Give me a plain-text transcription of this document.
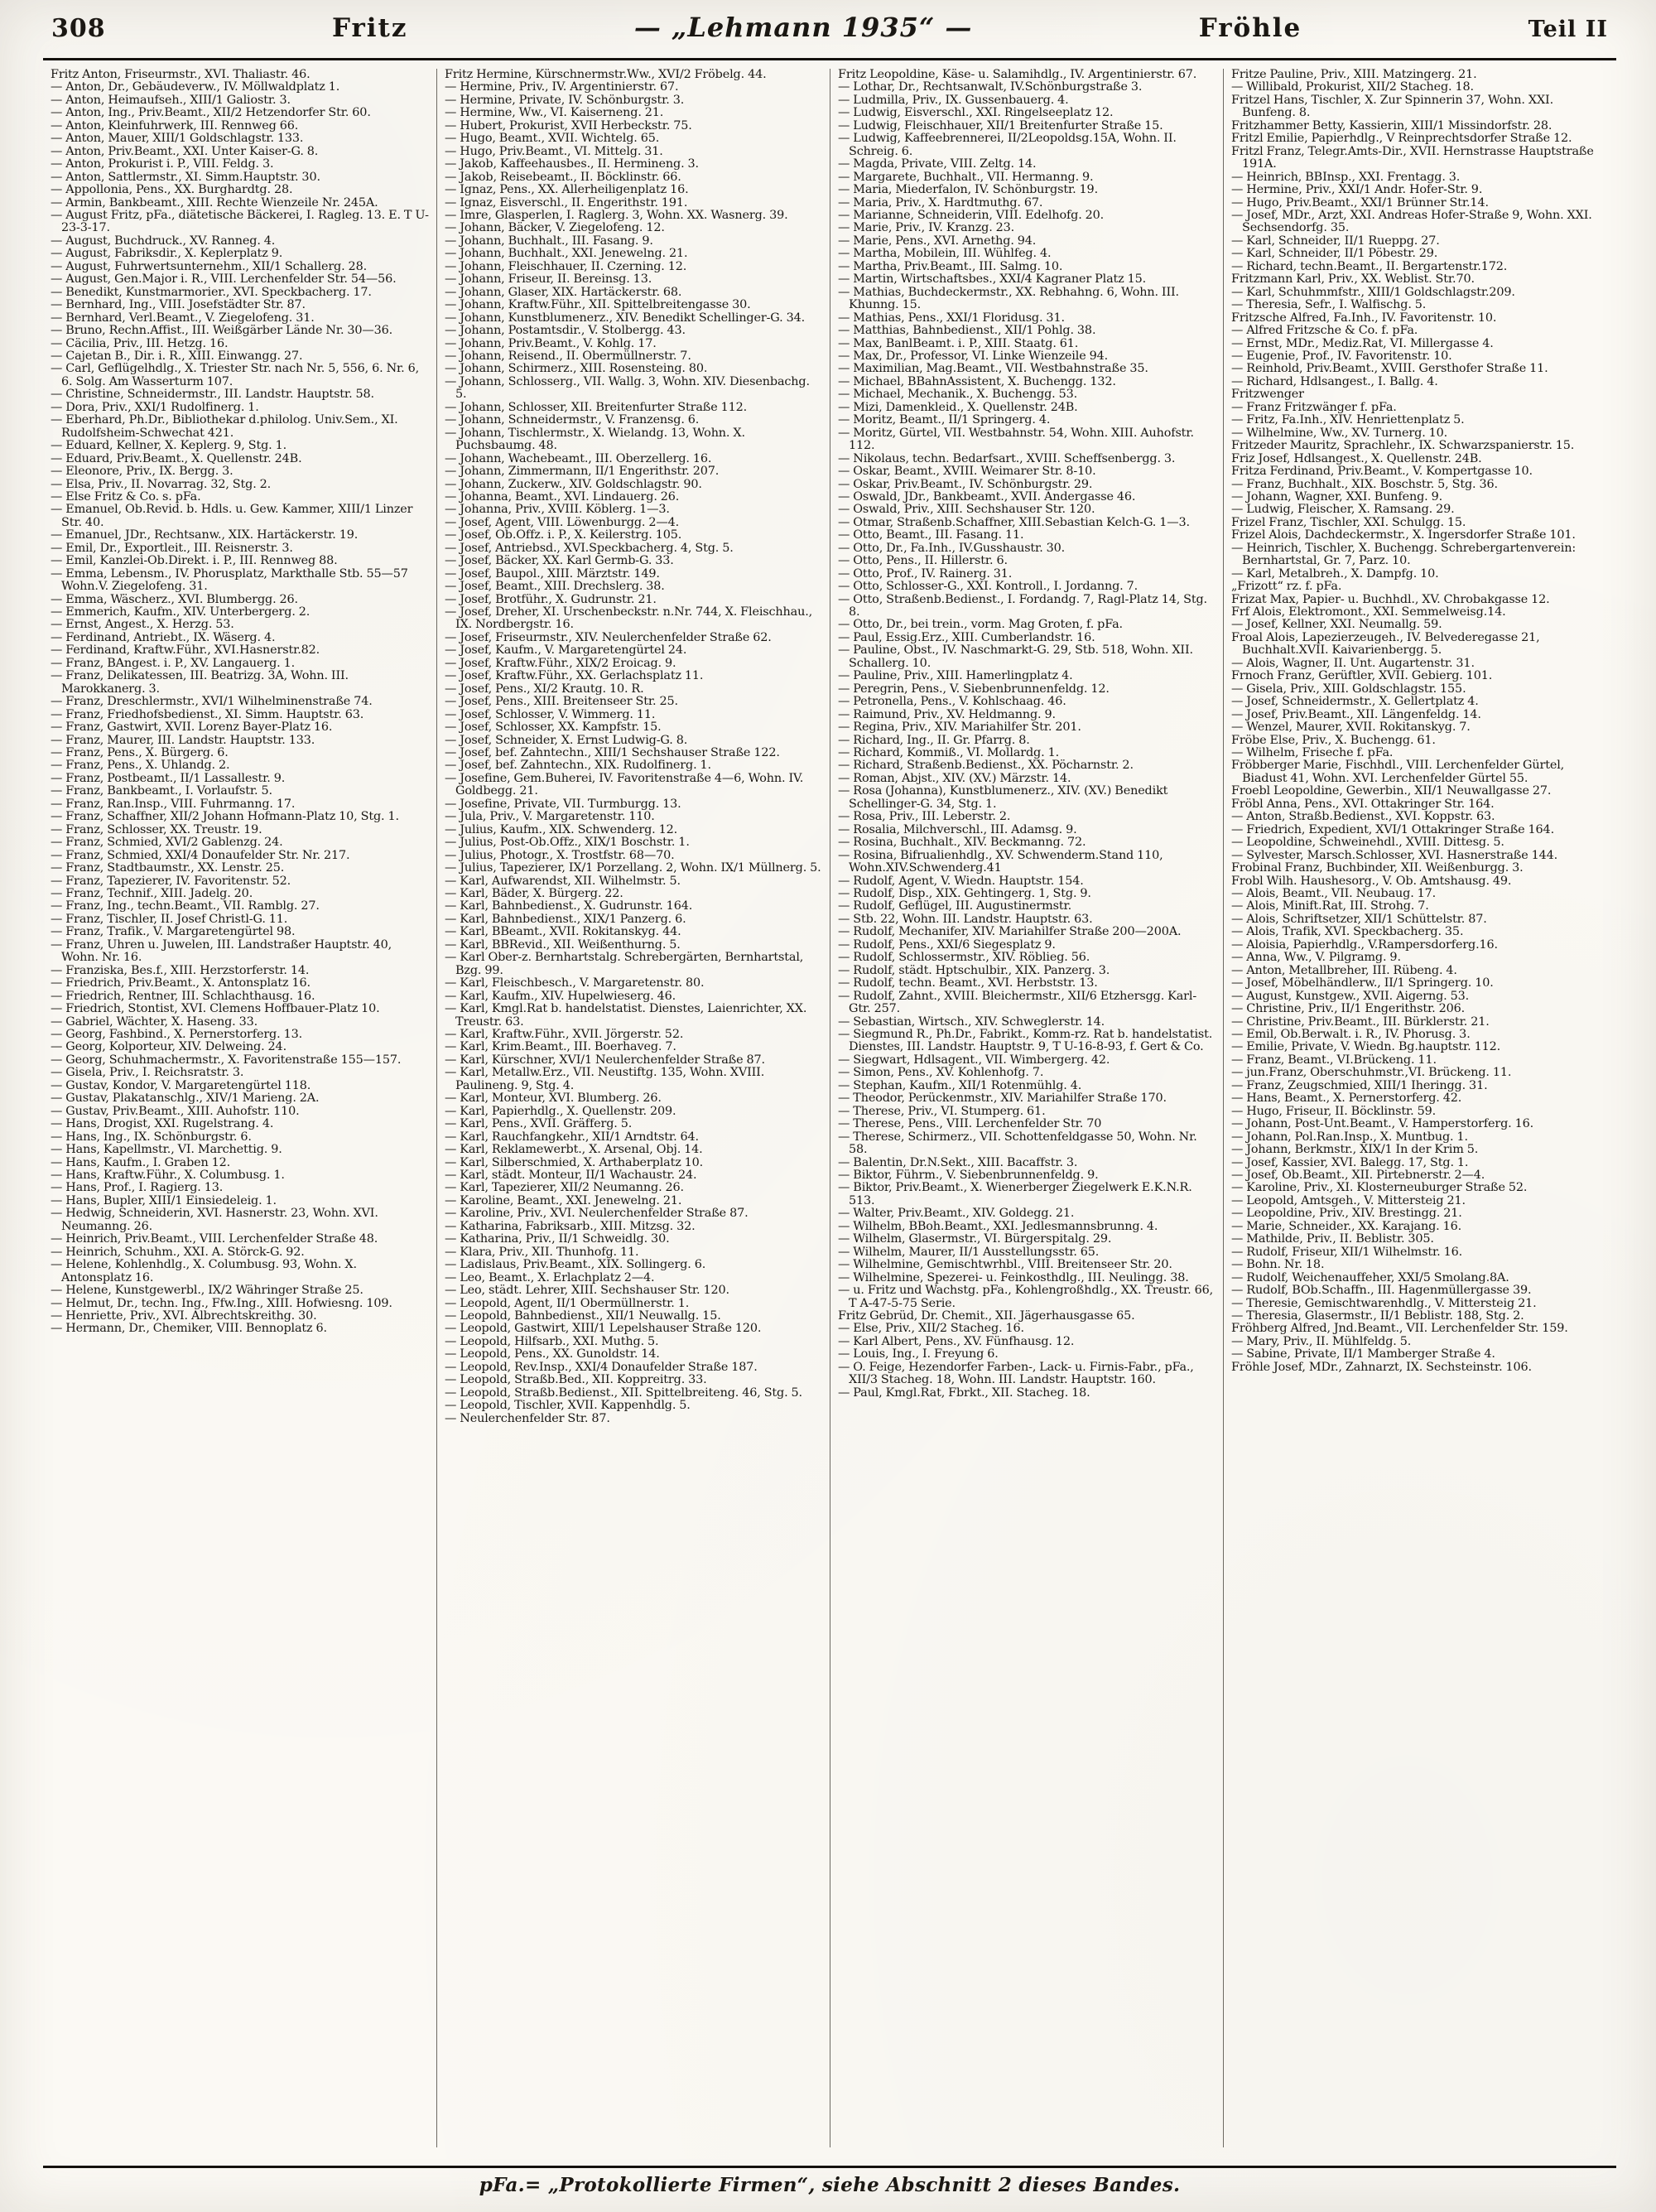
308	Fritz	— „Lehmann 1935“ —	Fröhle	Teil II

Fritz Anton, Friseurmstr., XVI. Thaliastr. 46.

— Anton, Dr., Gebäudeverw., IV. Möllwaldplatz 1.

— Anton, Heimaufseh., XIII/1 Galiostr. 3.

— Anton, Ing., Priv.Beamt., XII/2 Hetzendorfer Str. 60.

— Anton, Kleinfuhrwerk, III. Rennweg 66.

— Anton, Mauer, XIII/1 Goldschlagstr. 133.

— Anton, Priv.Beamt., XXI. Unter Kaiser-G. 8.

— Anton, Prokurist i. P., VIII. Feldg. 3.

— Anton, Sattlermstr., XI. Simm.Hauptstr. 30.

— Appollonia, Pens., XX. Burghardtg. 28.

— Armin, Bankbeamt., XIII. Rechte Wienzeile Nr. 245A.

— August Fritz, pFa., diätetische Bäckerei, I. Ragleg. 13. E. T U-23-3-17.

— August, Buchdruck., XV. Ranneg. 4.

— August, Fabriksdir., X. Keplerplatz 9.

— August, Fuhrwertsunternehm., XII/1 Schallerg. 28.

— August, Gen.Major i. R., VIII. Lerchenfelder Str. 54—56.

— Benedikt, Kunstmarmorier., XVI. Speckbacherg. 17.

— Bernhard, Ing., VIII. Josefstädter Str. 87.

— Bernhard, Verl.Beamt., V. Ziegelofeng. 31.

— Bruno, Rechn.Affist., III. Weißgärber Lände Nr. 30—36.

— Cäcilia, Priv., III. Hetzg. 16.

— Cajetan B., Dir. i. R., XIII. Einwangg. 27.

— Carl, Geflügelhdlg., X. Triester Str. nach Nr. 5, 556, 6. Nr. 6, 6. Solg. Am Wasserturm 107.

— Christine, Schneidermstr., III. Landstr. Hauptstr. 58.

— Dora, Priv., XXI/1 Rudolfinerg. 1.

— Eberhard, Ph.Dr., Bibliothekar d.philolog. Univ.Sem., XI. Rudolfsheim-Schwechat 421.

— Eduard, Kellner, X. Keplerg. 9, Stg. 1.

— Eduard, Priv.Beamt., X. Quellenstr. 24B.

— Eleonore, Priv., IX. Bergg. 3.

— Elsa, Priv., II. Novarrag. 32, Stg. 2.

— Else Fritz & Co. s. pFa.

— Emanuel, Ob.Revid. b. Hdls. u. Gew. Kammer, XIII/1 Linzer Str. 40.

— Emanuel, JDr., Rechtsanw., XIX. Hartäckerstr. 19.

— Emil, Dr., Exportleit., III. Reisnerstr. 3.

— Emil, Kanzlei-Ob.Direkt. i. P., III. Rennweg 88.

— Emma, Lebensm., IV. Phorusplatz, Markthalle Stb. 55—57 Wohn.V. Ziegelofeng. 31.

— Emma, Wäscherz., XVI. Blumbergg. 26.

— Emmerich, Kaufm., XIV. Unterbergerg. 2.

— Ernst, Angest., X. Herzg. 53.

— Ferdinand, Antriebt., IX. Wäserg. 4.

— Ferdinand, Kraftw.Führ., XVI.Hasnerstr.82.

— Franz, BAngest. i. P., XV. Langauerg. 1.

— Franz, Delikatessen, III. Beatrizg. 3A, Wohn. III. Marokkanerg. 3.

— Franz, Dreschlermstr., XVI/1 Wilhelminenstraße 74.

— Franz, Friedhofsbedienst., XI. Simm. Hauptstr. 63.

— Franz, Gastwirt, XVII. Lorenz Bayer-Platz 16.

— Franz, Maurer, III. Landstr. Hauptstr. 133.

— Franz, Pens., X. Bürgerg. 6.

— Franz, Pens., X. Uhlandg. 2.

— Franz, Postbeamt., II/1 Lassallestr. 9.

— Franz, Bankbeamt., I. Vorlaufstr. 5.

— Franz, Ran.Insp., VIII. Fuhrmanng. 17.

— Franz, Schaffner, XII/2 Johann Hofmann-Platz 10, Stg. 1.

— Franz, Schlosser, XX. Treustr. 19.

— Franz, Schmied, XVI/2 Gablenzg. 24.

— Franz, Schmied, XXI/4 Donaufelder Str. Nr. 217.

— Franz, Stadtbaumstr., XX. Lenstr. 25.

— Franz, Tapezierer, IV. Favoritenstr. 52.

— Franz, Technif., XIII. Jadelg. 20.

— Franz, Ing., techn.Beamt., VII. Ramblg. 27.

— Franz, Tischler, II. Josef Christl-G. 11.

— Franz, Trafik., V. Margaretengürtel 98.

— Franz, Uhren u. Juwelen, III. Landstraßer Hauptstr. 40, Wohn. Nr. 16.

— Franziska, Bes.f., XIII. Herzstorferstr. 14.

— Friedrich, Priv.Beamt., X. Antonsplatz 16.

— Friedrich, Rentner, III. Schlachthausg. 16.

— Friedrich, Stontist, XVI. Clemens Hoffbauer-Platz 10.

— Gabriel, Wächter, X. Haseng. 33.

— Georg, Fashbind., X. Pernerstorferg. 13.

— Georg, Kolporteur, XIV. Delweing. 24.

— Georg, Schuhmachermstr., X. Favoritenstraße 155—157.

— Gisela, Priv., I. Reichsratstr. 3.

— Gustav, Kondor, V. Margaretengürtel 118.

— Gustav, Plakatanschlg., XIV/1 Marieng. 2A.

— Gustav, Priv.Beamt., XIII. Auhofstr. 110.

— Hans, Drogist, XXI. Rugelstrang. 4.

— Hans, Ing., IX. Schönburgstr. 6.

— Hans, Kapellmstr., VI. Marchettig. 9.

— Hans, Kaufm., I. Graben 12.

— Hans, Kraftw.Führ., X. Columbusg. 1.

— Hans, Prof., I. Ragierg. 13.

— Hans, Bupler, XIII/1 Einsiedeleig. 1.

— Hedwig, Schneiderin, XVI. Hasnerstr. 23, Wohn. XVI. Neumanng. 26.

— Heinrich, Priv.Beamt., VIII. Lerchenfelder Straße 48.

— Heinrich, Schuhm., XXI. A. Störck-G. 92.

— Helene, Kohlenhdlg., X. Columbusg. 93, Wohn. X. Antonsplatz 16.

— Helene, Kunstgewerbl., IX/2 Währinger Straße 25.

— Helmut, Dr., techn. Ing., Ffw.Ing., XIII. Hofwiesng. 109.

— Henriette, Priv., XVI. Albrechtskreithg. 30.

— Hermann, Dr., Chemiker, VIII. Bennoplatz 6.

Fritz Hermine, Kürschnermstr.Ww., XVI/2 Fröbelg. 44.

— Hermine, Priv., IV. Argentinierstr. 67.

— Hermine, Private, IV. Schönburgstr. 3.

— Hermine, Ww., VI. Kaiserneng. 21.

— Hubert, Prokurist, XVII Herbeckstr. 75.

— Hugo, Beamt., XVII. Wichtelg. 65.

— Hugo, Priv.Beamt., VI. Mittelg. 31.

— Jakob, Kaffeehausbes., II. Hermineng. 3.

— Jakob, Reisebeamt., II. Böcklinstr. 66.

— Ignaz, Pens., XX. Allerheiligenplatz 16.

— Ignaz, Eisverschl., II. Engerithstr. 191.

— Imre, Glasperlen, I. Raglerg. 3, Wohn. XX. Wasnerg. 39.

— Johann, Bäcker, V. Ziegelofeng. 12.

— Johann, Buchhalt., III. Fasang. 9.

— Johann, Buchhalt., XXI. Jenewelng. 21.

— Johann, Fleischhauer, II. Czerning. 12.

— Johann, Friseur, II. Bereinsg. 13.

— Johann, Glaser, XIX. Hartäckerstr. 68.

— Johann, Kraftw.Führ., XII. Spittelbreitengasse 30.

— Johann, Kunstblumenerz., XIV. Benedikt Schellinger-G. 34.

— Johann, Postamtsdir., V. Stolbergg. 43.

— Johann, Priv.Beamt., V. Kohlg. 17.

— Johann, Reisend., II. Obermüllnerstr. 7.

— Johann, Schirmerz., XIII. Rosensteing. 80.

— Johann, Schlosserg., VII. Wallg. 3, Wohn. XIV. Diesenbachg. 5.

— Johann, Schlosser, XII. Breitenfurter Straße 112.

— Johann, Schneidermstr., V. Franzensg. 6.

— Johann, Tischlermstr., X. Wielandg. 13, Wohn. X. Puchsbaumg. 48.

— Johann, Wachebeamt., III. Oberzellerg. 16.

— Johann, Zimmermann, II/1 Engerithstr. 207.

— Johann, Zuckerw., XIV. Goldschlagstr. 90.

— Johanna, Beamt., XVI. Lindauerg. 26.

— Johanna, Priv., XVIII. Köblerg. 1—3.

— Josef, Agent, VIII. Löwenburgg. 2—4.

— Josef, Ob.Offz. i. P., X. Keilerstrg. 105.

— Josef, Antriebsd., XVI.Speckbacherg. 4, Stg. 5.

— Josef, Bäcker, XX. Karl Germb-G. 33.

— Josef, Baupol., XIII. Märztstr. 149.

— Josef, Beamt., XIII. Drechslerg. 38.

— Josef, Brotführ., X. Gudrunstr. 21.

— Josef, Dreher, XI. Urschenbeckstr. n.Nr. 744, X. Fleischhau., IX. Nordbergstr. 16.

— Josef, Friseurmstr., XIV. Neulerchenfelder Straße 62.

— Josef, Kaufm., V. Margaretengürtel 24.

— Josef, Kraftw.Führ., XIX/2 Eroicag. 9.

— Josef, Kraftw.Führ., XX. Gerlachsplatz 11.

— Josef, Pens., XI/2 Krautg. 10. R.

— Josef, Pens., XIII. Breitenseer Str. 25.

— Josef, Schlosser, V. Wimmerg. 11.

— Josef, Schlosser, XX. Kampfstr. 15.

— Josef, Schneider, X. Ernst Ludwig-G. 8.

— Josef, bef. Zahntechn., XIII/1 Sechshauser Straße 122.

— Josef, bef. Zahntechn., XIX. Rudolfinerg. 1.

— Josefine, Gem.Buherei, IV. Favoritenstraße 4—6, Wohn. IV. Goldbegg. 21.

— Josefine, Private, VII. Turmburgg. 13.

— Jula, Priv., V. Margaretenstr. 110.

— Julius, Kaufm., XIX. Schwenderg. 12.

— Julius, Post-Ob.Offz., XIX/1 Boschstr. 1.

— Julius, Photogr., X. Trostfstr. 68—70.

— Julius, Tapezierer, IX/1 Porzellang. 2, Wohn. IX/1 Müllnerg. 5.

— Karl, Aufwarendst, XII. Wilhelmstr. 5.

— Karl, Bäder, X. Bürgerg. 22.

— Karl, Bahnbedienst., X. Gudrunstr. 164.

— Karl, Bahnbedienst., XIX/1 Panzerg. 6.

— Karl, BBeamt., XVII. Rokitanskyg. 44.

— Karl, BBRevid., XII. Weißenthurng. 5.

— Karl Ober-z. Bernhartstalg. Schrebergärten, Bernhartstal, Bzg. 99.

— Karl, Fleischbesch., V. Margaretenstr. 80.

— Karl, Kaufm., XIV. Hupelwieserg. 46.

— Karl, Kmgl.Rat b. handelstatist. Dienstes, Laienrichter, XX. Treustr. 63.

— Karl, Kraftw.Führ., XVII. Jörgerstr. 52.

— Karl, Krim.Beamt., III. Boerhaveg. 7.

— Karl, Kürschner, XVI/1 Neulerchenfelder Straße 87.

— Karl, Metallw.Erz., VII. Neustiftg. 135, Wohn. XVIII. Paulineng. 9, Stg. 4.

— Karl, Monteur, XVI. Blumberg. 26.

— Karl, Papierhdlg., X. Quellenstr. 209.

— Karl, Pens., XVII. Gräfferg. 5.

— Karl, Rauchfangkehr., XII/1 Arndtstr. 64.

— Karl, Reklamewerbt., X. Arsenal, Obj. 14.

— Karl, Silberschmied, X. Arthaberplatz 10.

— Karl, städt. Monteur, II/1 Wachaustr. 24.

— Karl, Tapezierer, XII/2 Neumanng. 26.

— Karoline, Beamt., XXI. Jenewelng. 21.

— Karoline, Priv., XVI. Neulerchenfelder Straße 87.

— Katharina, Fabriksarb., XIII. Mitzsg. 32.

— Katharina, Priv., II/1 Schweidlg. 30.

— Klara, Priv., XII. Thunhofg. 11.

— Ladislaus, Priv.Beamt., XIX. Sollingerg. 6.

— Leo, Beamt., X. Erlachplatz 2—4.

— Leo, städt. Lehrer, XIII. Sechshauser Str. 120.

— Leopold, Agent, II/1 Obermüllnerstr. 1.

— Leopold, Bahnbedienst., XII/1 Neuwallg. 15.

— Leopold, Gastwirt, XIII/1 Lepelshauser Straße 120.

— Leopold, Hilfsarb., XXI. Muthg. 5.

— Leopold, Pens., XX. Gunoldstr. 14.

— Leopold, Rev.Insp., XXI/4 Donaufelder Straße 187.

— Leopold, Straßb.Bed., XII. Koppreitrg. 33.

— Leopold, Straßb.Bedienst., XII. Spittelbreiteng. 46, Stg. 5.

— Leopold, Tischler, XVII. Kappenhdlg. 5.

— Neulerchenfelder Str. 87.

Fritz Leopoldine, Käse- u. Salamihdlg., IV. Argentinierstr. 67.

— Lothar, Dr., Rechtsanwalt, IV.Schönburgstraße 3.

— Ludmilla, Priv., IX. Gussenbauerg. 4.

— Ludwig, Eisverschl., XXI. Ringelseeplatz 12.

— Ludwig, Fleischhauer, XII/1 Breitenfurter Straße 15.

— Ludwig, Kaffeebrennerei, II/2Leopoldsg.15A, Wohn. II. Schreig. 6.

— Magda, Private, VIII. Zeltg. 14.

— Margarete, Buchhalt., VII. Hermanng. 9.

— Maria, Miederfalon, IV. Schönburgstr. 19.

— Maria, Priv., X. Hardtmuthg. 67.

— Marianne, Schneiderin, VIII. Edelhofg. 20.

— Marie, Priv., IV. Kranzg. 23.

— Marie, Pens., XVI. Arnethg. 94.

— Martha, Mobilein, III. Wühlfeg. 4.

— Martha, Priv.Beamt., III. Salmg. 10.

— Martin, Wirtschaftsbes., XXI/4 Kagraner Platz 15.

— Mathias, Buchdeckermstr., XX. Rebhahng. 6, Wohn. III. Khunng. 15.

— Mathias, Pens., XXI/1 Floridusg. 31.

— Matthias, Bahnbedienst., XII/1 Pohlg. 38.

— Max, BanlBeamt. i. P., XIII. Staatg. 61.

— Max, Dr., Professor, VI. Linke Wienzeile 94.

— Maximilian, Mag.Beamt., VII. Westbahnstraße 35.

— Michael, BBahnAssistent, X. Buchengg. 132.

— Michael, Mechanik., X. Buchengg. 53.

— Mizi, Damenkleid., X. Quellenstr. 24B.

— Moritz, Beamt., II/1 Springerg. 4.

— Moritz, Gürtel, VII. Westbahnstr. 54, Wohn. XIII. Auhofstr. 112.

— Nikolaus, techn. Bedarfsart., XVIII. Scheffsenbergg. 3.

— Oskar, Beamt., XVIII. Weimarer Str. 8-10.

— Oskar, Priv.Beamt., IV. Schönburgstr. 29.

— Oswald, JDr., Bankbeamt., XVII. Andergasse 46.

— Oswald, Priv., XIII. Sechshauser Str. 120.

— Otmar, Straßenb.Schaffner, XIII.Sebastian Kelch-G. 1—3.

— Otto, Beamt., III. Fasang. 11.

— Otto, Dr., Fa.Inh., IV.Gusshaustr. 30.

— Otto, Pens., II. Hillerstr. 6.

— Otto, Prof., IV. Rainerg. 31.

— Otto, Schlosser-G., XXI. Kontroll., I. Jordanng. 7.

— Otto, Straßenb.Bedienst., I. Fordandg. 7, Ragl-Platz 14, Stg. 8.

— Otto, Dr., bei trein., vorm. Mag Groten, f. pFa.

— Paul, Essig.Erz., XIII. Cumberlandstr. 16.

— Pauline, Obst., IV. Naschmarkt-G. 29, Stb. 518, Wohn. XII. Schallerg. 10.

— Pauline, Priv., XIII. Hamerlingplatz 4.

— Peregrin, Pens., V. Siebenbrunnenfeldg. 12.

— Petronella, Pens., V. Kohlschaag. 46.

— Raimund, Priv., XV. Heldmanng. 9.

— Regina, Priv., XIV. Mariahilfer Str. 201.

— Richard, Ing., II. Gr. Pfarrg. 8.

— Richard, Kommiß., VI. Mollardg. 1.

— Richard, Straßenb.Bedienst., XX. Pöcharnstr. 2.

— Roman, Abjst., XIV. (XV.) Märzstr. 14.

— Rosa (Johanna), Kunstblumenerz., XIV. (XV.) Benedikt Schellinger-G. 34, Stg. 1.

— Rosa, Priv., III. Leberstr. 2.

— Rosalia, Milchverschl., III. Adamsg. 9.

— Rosina, Buchhalt., XIV. Beckmanng. 72.

— Rosina, Bifrualienhdlg., XV. Schwenderm.Stand 110, Wohn.XIV.Schwenderg.41

— Rudolf, Agent, V. Wiedn. Hauptstr. 154.

— Rudolf, Disp., XIX. Gehtingerg. 1, Stg. 9.

— Rudolf, Geflügel, III. Augustinermstr.

— Stb. 22, Wohn. III. Landstr. Hauptstr. 63.

— Rudolf, Mechanifer, XIV. Mariahilfer Straße 200—200A.

— Rudolf, Pens., XXI/6 Siegesplatz 9.

— Rudolf, Schlossermstr., XIV. Röblieg. 56.

— Rudolf, städt. Hptschulbir., XIX. Panzerg. 3.

— Rudolf, techn. Beamt., XVI. Herbststr. 13.

— Rudolf, Zahnt., XVIII. Bleichermstr., XII/6 Etzhersgg. Karl-Gtr. 257.

— Sebastian, Wirtsch., XIV. Schweglerstr. 14.

— Siegmund R., Ph.Dr., Fabrikt., Komm-rz. Rat b. handelstatist. Dienstes, III. Landstr. Hauptstr. 9, T U-16-8-93, f. Gert & Co.

— Siegwart, Hdlsagent., VII. Wimbergerg. 42.

— Simon, Pens., XV. Kohlenhofg. 7.

— Stephan, Kaufm., XII/1 Rotenmühlg. 4.

— Theodor, Perückenmstr., XIV. Mariahilfer Straße 170.

— Therese, Priv., VI. Stumperg. 61.

— Therese, Pens., VIII. Lerchenfelder Str. 70

— Therese, Schirmerz., VII. Schottenfeldgasse 50, Wohn. Nr. 58.

— Balentin, Dr.N.Sekt., XIII. Bacaffstr. 3.

— Biktor, Führm., V. Siebenbrunnenfeldg. 9.

— Biktor, Priv.Beamt., X. Wienerberger Ziegelwerk E.K.N.R. 513.

— Walter, Priv.Beamt., XIV. Goldegg. 21.

— Wilhelm, BBoh.Beamt., XXI. Jedlesmannsbrunng. 4.

— Wilhelm, Glasermstr., VI. Bürgerspitalg. 29.

— Wilhelm, Maurer, II/1 Ausstellungsstr. 65.

— Wilhelmine, Gemischtwrhbl., VIII. Breitenseer Str. 20.

— Wilhelmine, Spezerei- u. Feinkosthdlg., III. Neulingg. 38.

— u. Fritz und Wachstg. pFa., Kohlengroßhdlg., XX. Treustr. 66, T A-47-5-75 Serie.

Fritz Gebrüd, Dr. Chemit., XII. Jägerhausgasse 65.

— Else, Priv., XII/2 Stacheg. 16.

— Karl Albert, Pens., XV. Fünfhausg. 12.

— Louis, Ing., I. Freyung 6.

— O. Feige, Hezendorfer Farben-, Lack- u. Firnis-Fabr., pFa., XII/3 Stacheg. 18, Wohn. III. Landstr. Hauptstr. 160.

— Paul, Kmgl.Rat, Fbrkt., XII. Stacheg. 18.

Fritze Pauline, Priv., XIII. Matzingerg. 21.

— Willibald, Prokurist, XII/2 Stacheg. 18.

Fritzel Hans, Tischler, X. Zur Spinnerin 37, Wohn. XXI. Bunfeng. 8.

Fritzhammer Betty, Kassierin, XIII/1 Missindorfstr. 28.

Fritzl Emilie, Papierhdlg., V Reinprechtsdorfer Straße 12.

Fritzl Franz, Telegr.Amts-Dir., XVII. Hernstrasse Hauptstraße 191A.

— Heinrich, BBInsp., XXI. Frentagg. 3.

— Hermine, Priv., XXI/1 Andr. Hofer-Str. 9.

— Hugo, Priv.Beamt., XXI/1 Brünner Str.14.

— Josef, MDr., Arzt, XXI. Andreas Hofer-Straße 9, Wohn. XXI. Sechsendorfg. 35.

— Karl, Schneider, II/1 Rueppg. 27.

— Karl, Schneider, II/1 Pöbestr. 29.

— Richard, techn.Beamt., II. Bergartenstr.172.

Fritzmann Karl, Priv., XX. Weblist. Str.70.

— Karl, Schuhmmfstr., XIII/1 Goldschlagstr.209.

— Theresia, Sefr., I. Walfischg. 5.

Fritzsche Alfred, Fa.Inh., IV. Favoritenstr. 10.

— Alfred Fritzsche & Co. f. pFa.

— Ernst, MDr., Mediz.Rat, VI. Millergasse 4.

— Eugenie, Prof., IV. Favoritenstr. 10.

— Reinhold, Priv.Beamt., XVIII. Gersthofer Straße 11.

— Richard, Hdlsangest., I. Ballg. 4.

Fritzwenger

— Franz Fritzwänger f. pFa.

— Fritz, Fa.Inh., XIV. Henriettenplatz 5.

— Wilhelmine, Ww., XV. Turnerg. 10.

Fritzeder Mauritz, Sprachlehr., IX. Schwarzspanierstr. 15.

Friz Josef, Hdlsangest., X. Quellenstr. 24B.

Fritza Ferdinand, Priv.Beamt., V. Kompertgasse 10.

— Franz, Buchhalt., XIX. Boschstr. 5, Stg. 36.

— Johann, Wagner, XXI. Bunfeng. 9.

— Ludwig, Fleischer, X. Ramsang. 29.

Frizel Franz, Tischler, XXI. Schulgg. 15.

Frizel Alois, Dachdeckermstr., X. Ingersdorfer Straße 101.

— Heinrich, Tischler, X. Buchengg. Schrebergartenverein: Bernhartstal, Gr. 7, Parz. 10.

— Karl, Metalbreh., X. Dampfg. 10.

„Frizott“ rz. f. pFa.

Frizat Max, Papier- u. Buchhdl., XV. Chrobakgasse 12.

Frf Alois, Elektromont., XXI. Semmelweisg.14.

— Josef, Kellner, XXI. Neumallg. 59.

Froal Alois, Lapezierzeugeh., IV. Belvederegasse 21, Buchhalt.XVII. Kaivarienbergg. 5.

— Alois, Wagner, II. Unt. Augartenstr. 31.

Frnoch Franz, Gerüftler, XVII. Gebierg. 101.

— Gisela, Priv., XIII. Goldschlagstr. 155.

— Josef, Schneidermstr., X. Gellertplatz 4.

— Josef, Priv.Beamt., XII. Längenfeldg. 14.

— Wenzel, Maurer, XVII. Rokitanskyg. 7.

Fröbe Else, Priv., X. Buchengg. 61.

— Wilhelm, Friseche f. pFa.

Fröbberger Marie, Fischhdl., VIII. Lerchenfelder Gürtel, Biadust 41, Wohn. XVI. Lerchenfelder Gürtel 55.

Froebl Leopoldine, Gewerbin., XII/1 Neuwallgasse 27.

Fröbl Anna, Pens., XVI. Ottakringer Str. 164.

— Anton, Straßb.Bedienst., XVI. Koppstr. 63.

— Friedrich, Expedient, XVI/1 Ottakringer Straße 164.

— Leopoldine, Schweinehdl., XVIII. Dittesg. 5.

— Sylvester, Marsch.Schlosser, XVI. Hasnerstraße 144.

Frobinal Franz, Buchbinder, XII. Weißenburgg. 3.

Frobl Wilh. Haushesorg., V. Ob. Amtshausg. 49.

— Alois, Beamt., VII. Neubaug. 17.

— Alois, Minift.Rat, III. Strohg. 7.

— Alois, Schriftsetzer, XII/1 Schüttelstr. 87.

— Alois, Trafik, XVI. Speckbacherg. 35.

— Aloisia, Papierhdlg., V.Rampersdorferg.16.

— Anna, Ww., V. Pilgramg. 9.

— Anton, Metallbreher, III. Rübeng. 4.

— Josef, Möbelhändlerw., II/1 Springerg. 10.

— August, Kunstgew., XVII. Aigerng. 53.

— Christine, Priv., II/1 Engerithstr. 206.

— Christine, Priv.Beamt., III. Bürklerstr. 21.

— Emil, Ob.Berwalt. i. R., IV. Phorusg. 3.

— Emilie, Private, V. Wiedn. Bg.hauptstr. 112.

— Franz, Beamt., VI.Brückeng. 11.

— jun.Franz, Oberschuhmstr.,VI. Brückeng. 11.

— Franz, Zeugschmied, XIII/1 Iheringg. 31.

— Hans, Beamt., X. Pernerstorferg. 42.

— Hugo, Friseur, II. Böcklinstr. 59.

— Johann, Post-Unt.Beamt., V. Hamperstorferg. 16.

— Johann, Pol.Ran.Insp., X. Muntbug. 1.

— Johann, Berkmstr., XIX/1 In der Krim 5.

— Josef, Kassier, XVI. Balegg. 17, Stg. 1.

— Josef, Ob.Beamt., XII. Pirtebnerstr. 2—4.

— Karoline, Priv., XI. Klosterneuburger Straße 52.

— Leopold, Amtsgeh., V. Mittersteig 21.

— Leopoldine, Priv., XIV. Brestingg. 21.

— Marie, Schneider., XX. Karajang. 16.

— Mathilde, Priv., II. Beblistr. 305.

— Rudolf, Friseur, XII/1 Wilhelmstr. 16.

— Bohn. Nr. 18.

— Rudolf, Weichenauffeher, XXI/5 Smolang.8A.

— Rudolf, BOb.Schaffn., III. Hagenmüllergasse 39.

— Theresie, Gemischtwarenhdlg., V. Mittersteig 21.

— Theresia, Glasermstr., II/1 Beblistr. 188, Stg. 2.

Fröhberg Alfred, Jnd.Beamt., VII. Lerchenfelder Str. 159.

— Mary, Priv., II. Mühlfeldg. 5.

— Sabine, Private, II/1 Mamberger Straße 4.

Fröhle Josef, MDr., Zahnarzt, IX. Sechsteinstr. 106.

pFa.= „Protokollierte Firmen“, siehe Abschnitt 2 dieses Bandes.
